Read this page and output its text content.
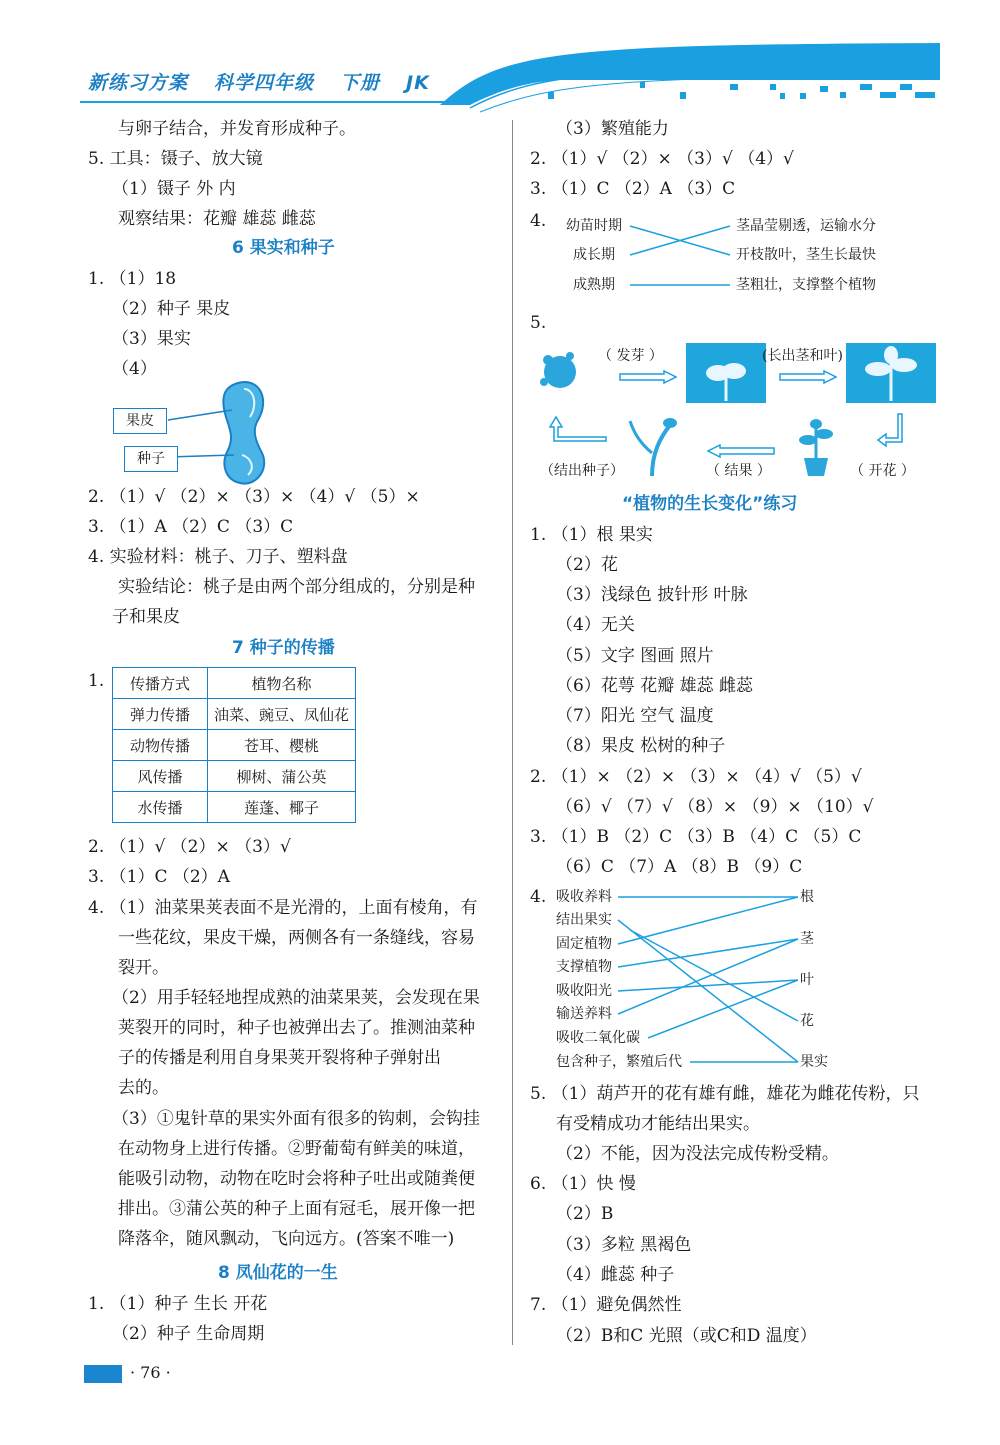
新练习方案 科学四年级 下册 JK
与卵子结合，并发育形成种子。
5. 工具：镊子、放大镜
（1）镊子 外 内
观察结果：花瓣 雄蕊 雌蕊
6 果实和种子
1. （1）18
（2）种子 果皮
（3）果实
（4）
果皮
种子
2. （1）√ （2）× （3）× （4）√ （5）×
3. （1）A （2）C （3）C
4. 实验材料：桃子、刀子、塑料盘
实验结论：桃子是由两个部分组成的，分别是种
子和果皮
7 种子的传播
1. 传播方式	植物名称
弹力传播	油菜、豌豆、凤仙花
动物传播	苍耳、樱桃
风传播	柳树、蒲公英
水传播	莲蓬、椰子
2. （1）√ （2）× （3）√
3. （1）C （2）A
4. （1）油菜果荚表面不是光滑的，上面有棱角，有
一些花纹，果皮干燥，两侧各有一条缝线，容易
裂开。
（2）用手轻轻地捏成熟的油菜果荚，会发现在果
荚裂开的同时，种子也被弹出去了。推测油菜种
子的传播是利用自身果荚开裂将种子弹射出
去的。
（3）①鬼针草的果实外面有很多的钩刺，会钩挂
在动物身上进行传播。②野葡萄有鲜美的味道，
能吸引动物，动物在吃时会将种子吐出或随粪便
排出。③蒲公英的种子上面有冠毛，展开像一把
降落伞，随风飘动，飞向远方。(答案不唯一)
8 凤仙花的一生
1. （1）种子 生长 开花
（2）种子 生命周期
（3）繁殖能力
2. （1）√ （2）× （3）√ （4）√
3. （1）C （2）A （3）C
4. 幼苗时期
成长期
成熟期
茎晶莹剔透，运输水分
开枝散叶，茎生长最快
茎粗壮，支撑整个植物
5.
（ 发芽 ）	(长出茎和叶)
（结出种子）	（ 结果 ）	（ 开花 ）
“植物的生长变化”练习
1. （1）根 果实
（2）花
（3）浅绿色 披针形 叶脉
（4）无关
（5）文字 图画 照片
（6）花萼 花瓣 雄蕊 雌蕊
（7）阳光 空气 温度
（8）果皮 松树的种子
2. （1）× （2）× （3）× （4）√ （5）√
（6）√ （7）√ （8）× （9）× （10）√
3. （1）B （2）C （3）B （4）C （5）C
（6）C （7）A （8）B （9）C
4. 吸收养料
结出果实
固定植物
支撑植物
吸收阳光
输送养料
吸收二氧化碳
包含种子，繁殖后代
根
茎
叶
花
果实
5. （1）葫芦开的花有雄有雌，雄花为雌花传粉，只
有受精成功才能结出果实。
（2）不能，因为没法完成传粉受精。
6. （1）快 慢
（2）B
（3）多粒 黑褐色
（4）雌蕊 种子
7. （1）避免偶然性
（2）B和C 光照（或C和D 温度）
· 76 ·
